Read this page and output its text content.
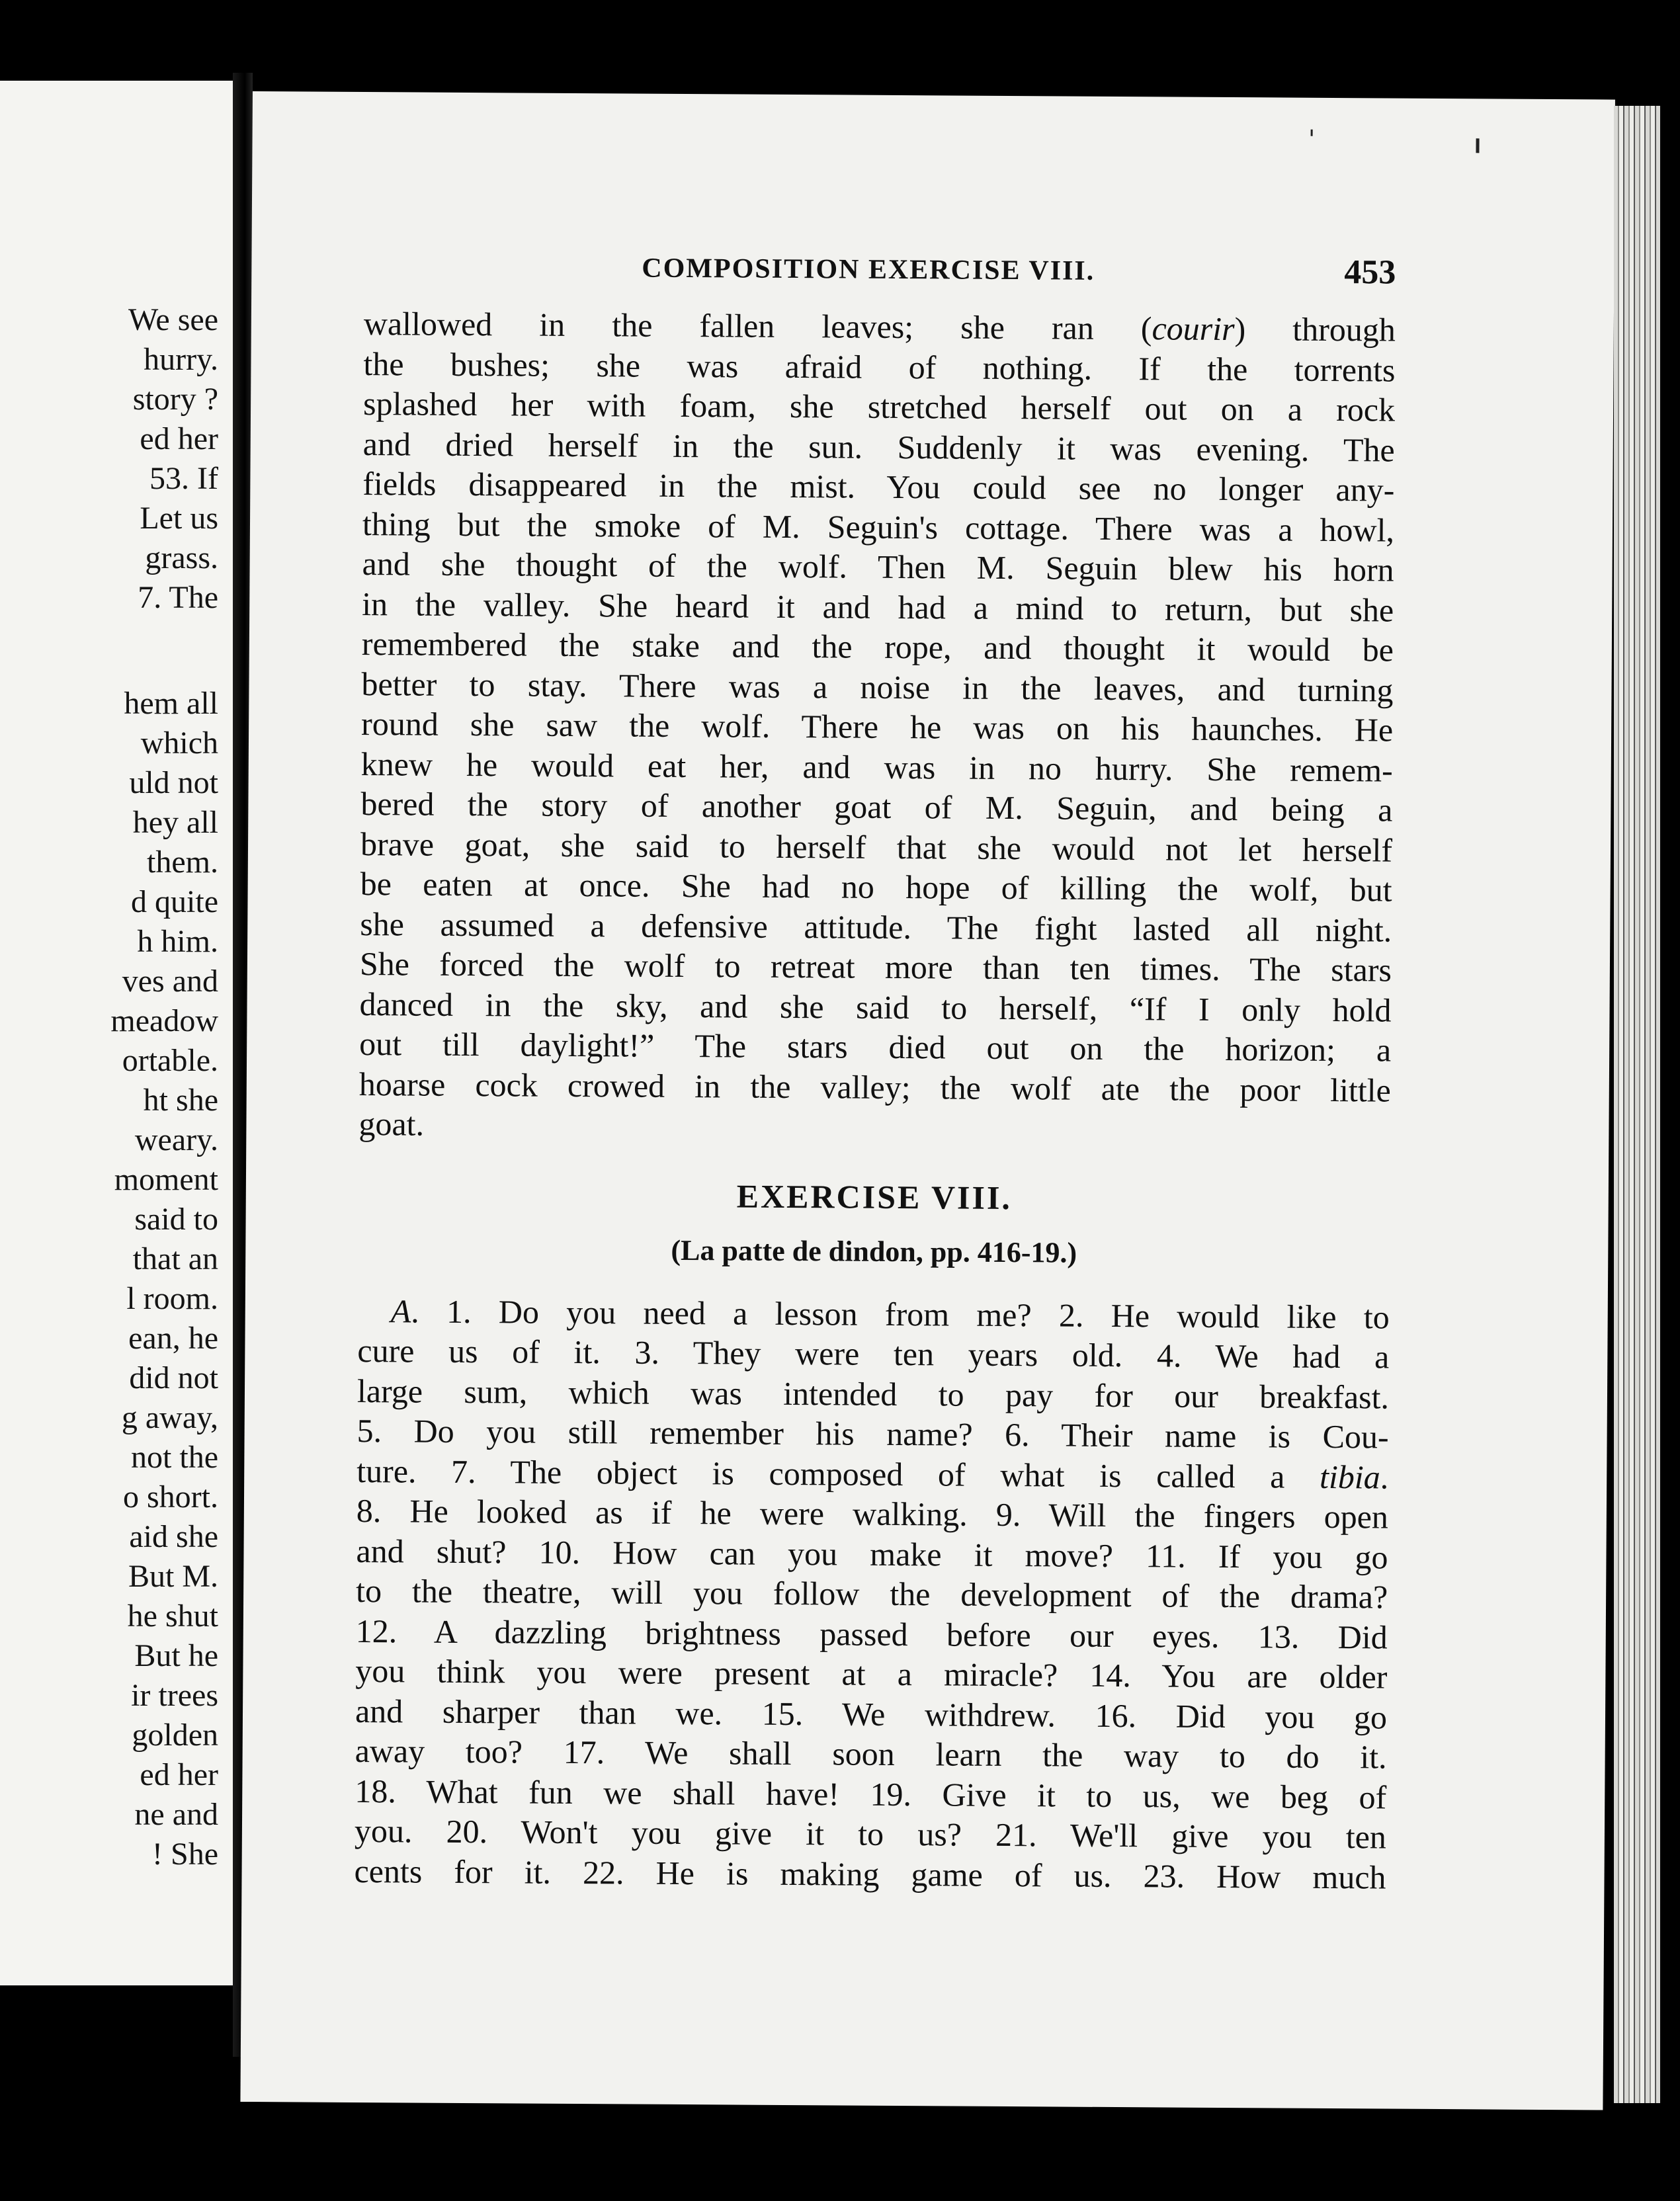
We see
hurry.
story ?
ed her
53. If
Let us
grass.
7. The
hem all
which
uld not
hey all
them.
d quite
h him.
ves and
meadow
ortable.
ht she
weary.
moment
said to
that an
l room.
ean, he
did not
g away,
not the
o short.
aid she
But M.
he shut
But he
ir trees
golden
ed her
ne and
! She
COMPOSITION EXERCISE VIII.	453
wallowed in the fallen leaves; she ran (courir) through
the bushes; she was afraid of nothing. If the torrents
splashed her with foam, she stretched herself out on a rock
and dried herself in the sun. Suddenly it was evening. The
fields disappeared in the mist. You could see no longer any-
thing but the smoke of M. Seguin's cottage. There was a howl,
and she thought of the wolf. Then M. Seguin blew his horn
in the valley. She heard it and had a mind to return, but she
remembered the stake and the rope, and thought it would be
better to stay. There was a noise in the leaves, and turning
round she saw the wolf. There he was on his haunches. He
knew he would eat her, and was in no hurry. She remem-
bered the story of another goat of M. Seguin, and being a
brave goat, she said to herself that she would not let herself
be eaten at once. She had no hope of killing the wolf, but
she assumed a defensive attitude. The fight lasted all night.
She forced the wolf to retreat more than ten times. The stars
danced in the sky, and she said to herself, “If I only hold
out till daylight!” The stars died out on the horizon; a
hoarse cock crowed in the valley; the wolf ate the poor little
goat.
EXERCISE VIII.
(La patte de dindon, pp. 416-19.)
A. 1. Do you need a lesson from me? 2. He would like to
cure us of it. 3. They were ten years old. 4. We had a
large sum, which was intended to pay for our breakfast.
5. Do you still remember his name? 6. Their name is Cou-
ture. 7. The object is composed of what is called a tibia.
8. He looked as if he were walking. 9. Will the fingers open
and shut? 10. How can you make it move? 11. If you go
to the theatre, will you follow the development of the drama?
12. A dazzling brightness passed before our eyes. 13. Did
you think you were present at a miracle? 14. You are older
and sharper than we. 15. We withdrew. 16. Did you go
away too? 17. We shall soon learn the way to do it.
18. What fun we shall have! 19. Give it to us, we beg of
you. 20. Won't you give it to us? 21. We'll give you ten
cents for it. 22. He is making game of us. 23. How much
